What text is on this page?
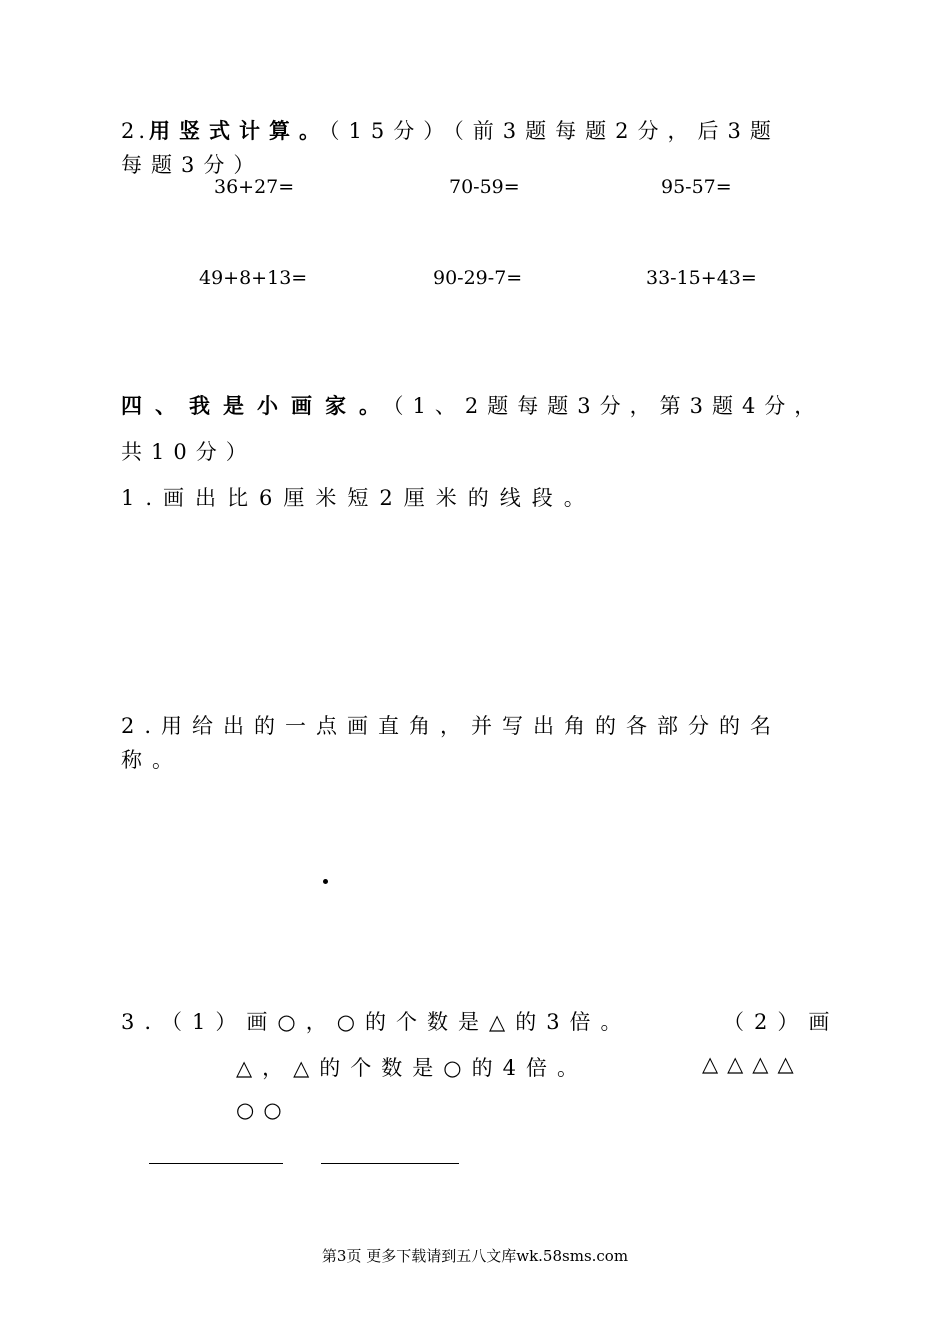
2.用竖式计算。（15分）（前3题每题2分，后3题
每题3分）
36+27=	70-59=	95-57=
49+8+13=	90-29-7=	33-15+43=
四、我是小画家。（1、2题每题3分，第3题4分，
共10分）
1.画出比6厘米短2厘米的线段。
2.用给出的一点画直角，并写出角的各部分的名
称。
3.（1）画○，○的个数是△的3倍。	（2）画
△，△的个数是○的4倍。	△△△△
○○
第3页 更多下载请到五八文库wk.58sms.com
